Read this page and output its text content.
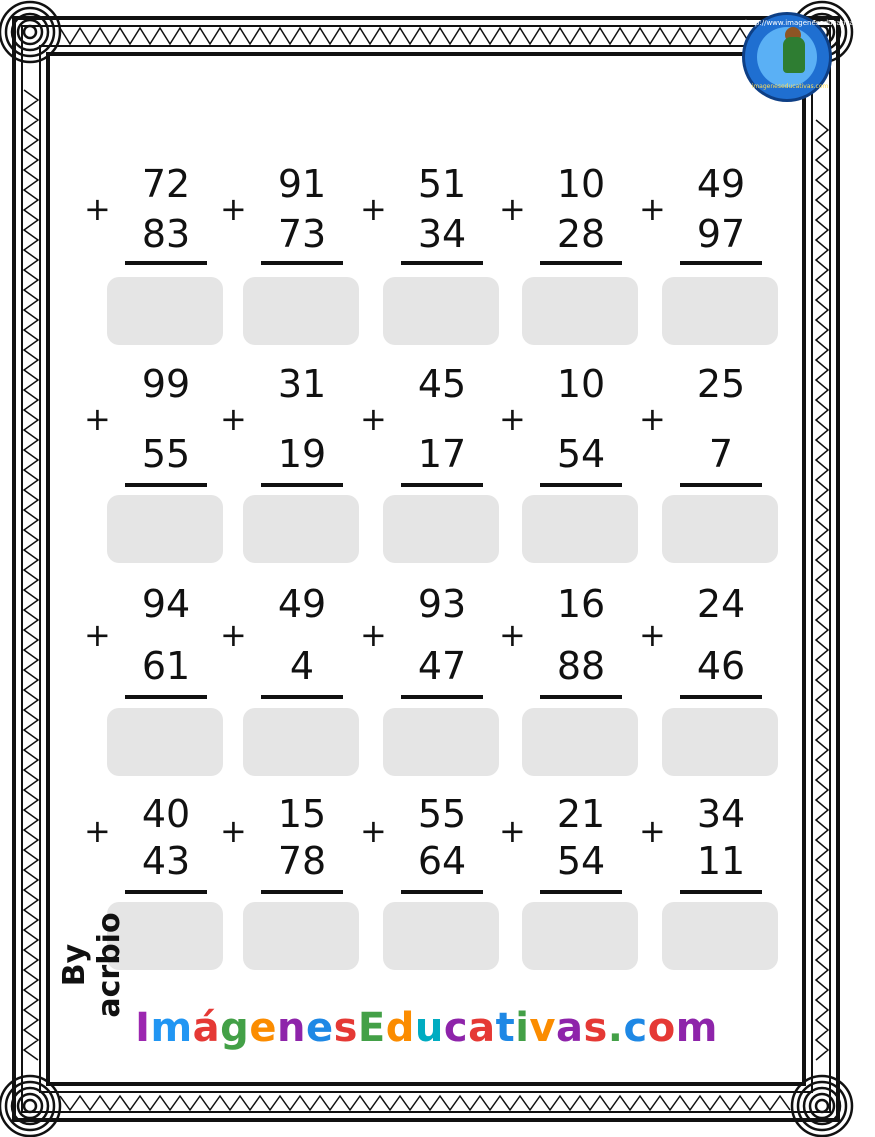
http://www.imageneseducativas.com
imageneseducativas.com
+
72
83
+
91
73
+
51
34
+
10
28
+
49
97
+
99
55
+
31
19
+
45
17
+
10
54
+
25
7
+
94
61
+
49
4
+
93
47
+
16
88
+
24
46
+ 40
43
+ 15
78
+ 55
64
+ 21
54
+ 34
11
By acrbio
ImágenesEducativas.com
